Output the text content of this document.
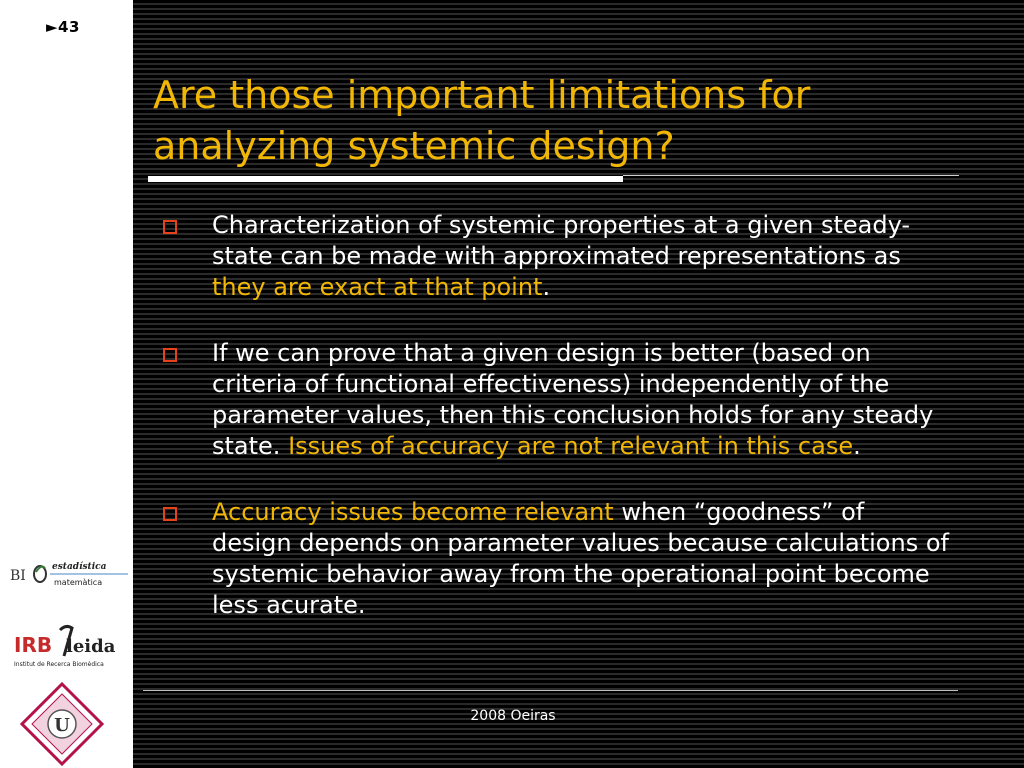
►43
BI
estadística
matemàtica
IRB leida
Institut de Recerca Biomèdica
U
Are those important limitations for analyzing systemic design?
Characterization of systemic properties at a given steady-state can be made with approximated representations as they are exact at that point.
If we can prove that a given design is better (based on criteria of functional effectiveness) independently of the parameter values, then this conclusion holds for any steady state. Issues of accuracy are not relevant in this case.
Accuracy issues become relevant when “goodness” of design depends on parameter values because calculations of systemic behavior away from the operational point become less acurate.
2008 Oeiras
